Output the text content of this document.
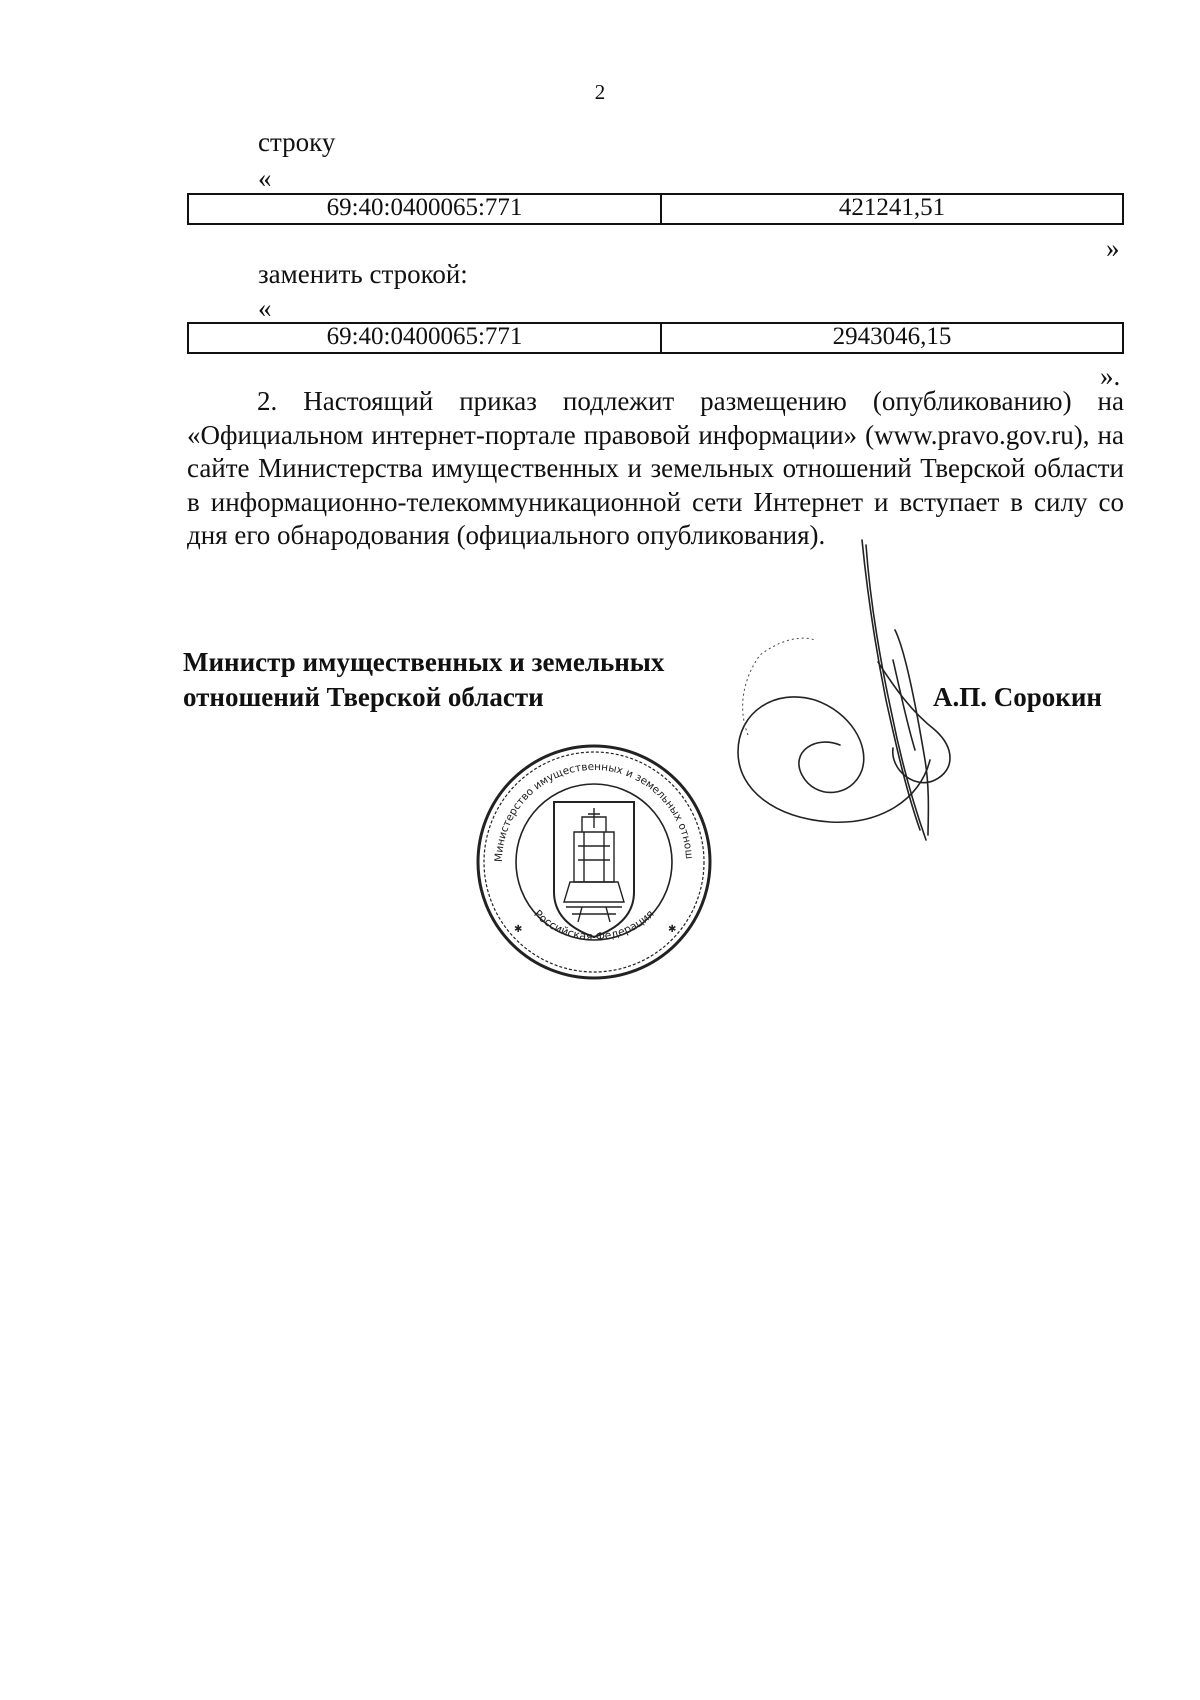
2
строку
«
69:40:0400065:771	421241,51
»
заменить строкой:
«
69:40:0400065:771	2943046,15
».
2. Настоящий приказ подлежит размещению (опубликованию) на «Официальном интернет-портале правовой информации» (www.pravo.gov.ru), на сайте Министерства имущественных и земельных отношений Тверской области в информационно-телекоммуникационной сети Интернет и вступает в силу со дня его обнародования (официального опубликования).
Министр имущественных и земельных
отношений Тверской области	А.П. Сорокин
Министерство имущественных и земельных отношений Тверской области
Российская Федерация
✱	✱
